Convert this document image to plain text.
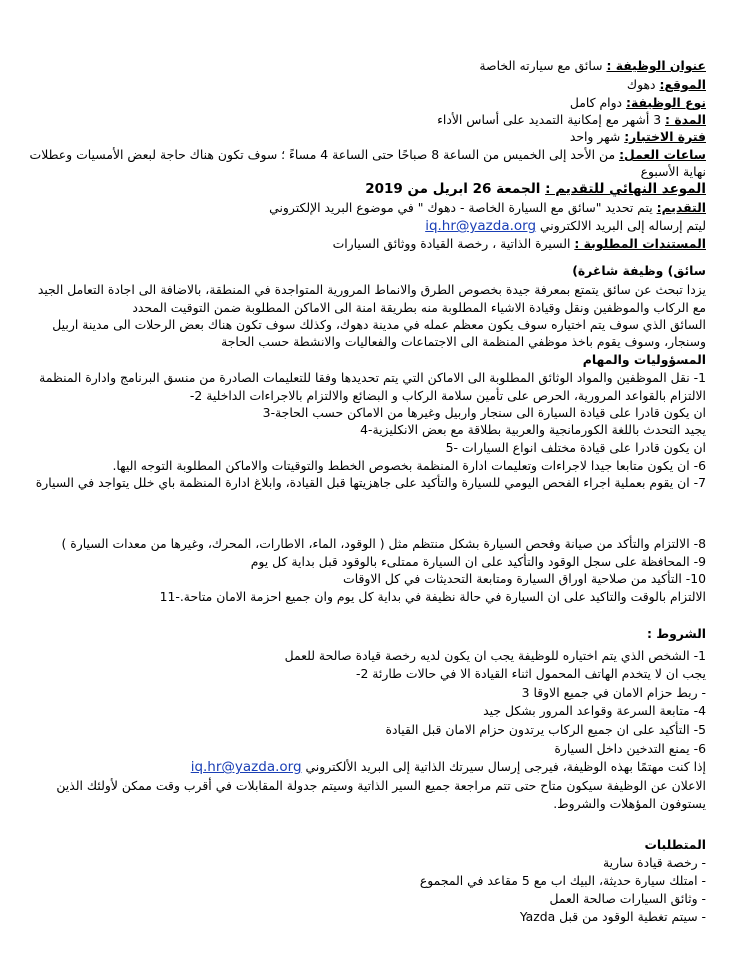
عنوان الوظيفة : سائق مع سيارته الخاصة
الموقع: دهوك
نوع الوظيفة: دوام كامل
المدة : 3 أشهر مع إمكانية التمديد على أساس الأداء
فترة الاختبار: شهر واحد
ساعات العمل: من الأحد إلى الخميس من الساعة 8 صباحًا حتى الساعة 4 مساءً ؛ سوف تكون هناك حاجة لبعض الأمسيات وعطلات
نهاية الأسبوع
الموعد النهائي للتقديم : الجمعة 26 ابريل من 2019
التقديم: يتم تحديد "سائق مع السيارة الخاصة - دهوك " في موضوع البريد الإلكتروني
ليتم إرساله إلى البريد الالكتروني iq.hr@yazda.org
المستندات المطلوبة : السيرة الذاتية ، رخصة القيادة ووثائق السيارات
سائق) وظيفة شاغرة)
يزدا تبحث عن سائق يتمتع بمعرفة جيدة بخصوص الطرق والانماط المرورية المتواجدة في المنطقة، بالاضافة الى اجادة التعامل الجيد
مع الركاب والموظفين ونقل وقيادة الاشياء المطلوبة منه بطريقة امنة الى الاماكن المطلوبة ضمن التوقيت المحدد
السائق الذي سوف يتم اختياره سوف يكون معظم عمله في مدينة دهوك، وكذلك سوف تكون هناك بعض الرحلات الى مدينة اربيل
وسنجار، وسوف يقوم باخذ موظفي المنظمة الى الاجتماعات والفعاليات والانشطة حسب الحاجة
المسؤوليات والمهام
1- نقل الموظفين والمواد الوثائق المطلوبة الى الاماكن التي يتم تحديدها وفقا للتعليمات الصادرة من منسق البرنامج وادارة المنظمة
الالتزام بالقواعد المرورية، الحرص على تأمين سلامة الركاب و البضائع والالتزام بالاجراءات الداخلية 2-
ان يكون قادرا على قيادة السيارة الى سنجار واربيل وغيرها من الاماكن حسب الحاجة-3
يجيد التحدث باللغة الكورمانجية والعربية بطلاقة مع بعض الانكليزية-4
ان يكون قادرا على قيادة مختلف انواع السيارات -5
6- ان يكون متابعا جيدا لاجراءات وتعليمات ادارة المنظمة بخصوص الخطط والتوقيتات والاماكن المطلوبة التوجه اليها.
7- ان يقوم بعملية اجراء الفحص اليومي للسيارة والتأكيد على جاهزيتها قبل القيادة، وابلاغ ادارة المنظمة باي خلل يتواجد في السيارة
8- الالتزام والتأكد من صيانة وفحص السيارة بشكل منتظم مثل ( الوقود، الماء، الاطارات، المحرك، وغيرها من معدات السيارة )
9- المحافظة على سجل الوقود والتأكيد على ان السيارة ممتلىء بالوقود قبل بداية كل يوم
10- التأكيد من صلاحية اوراق السيارة ومتابعة التحديثات في كل الاوقات
الالتزام بالوقت والتاكيد على ان السيارة في حالة نظيفة في بداية كل يوم وان جميع احزمة الامان متاحة.-11
الشروط :
1- الشخص الذي يتم اختياره للوظيفة يجب ان يكون لديه رخصة قيادة صالحة للعمل
يجب ان لا يتخدم الهاتف المحمول اثناء القيادة الا في حالات طارئة 2-
- ربط حزام الامان في جميع الاوقا 3
4- متابعة السرعة وقواعد المرور بشكل جيد
5- التأكيد على ان جميع الركاب يرتدون حزام الامان قبل القيادة
6- يمنع التدخين داخل السيارة
إذا كنت مهتمًا بهذه الوظيفة، فيرجى إرسال سيرتك الذاتية إلى البريد الألكتروني iq.hr@yazda.org
الاعلان عن الوظيفة سيكون متاح حتى تتم مراجعة جميع السير الذاتية وسيتم جدولة المقابلات في أقرب وقت ممكن لأولئك الذين
يستوفون المؤهلات والشروط.
المتطلبات
- رخصة قيادة سارية
- امتلك سيارة حديثة، البيك اب مع 5 مقاعد في المجموع
- وثائق السيارات صالحة العمل
- سيتم تغطية الوقود من قبل Yazda
